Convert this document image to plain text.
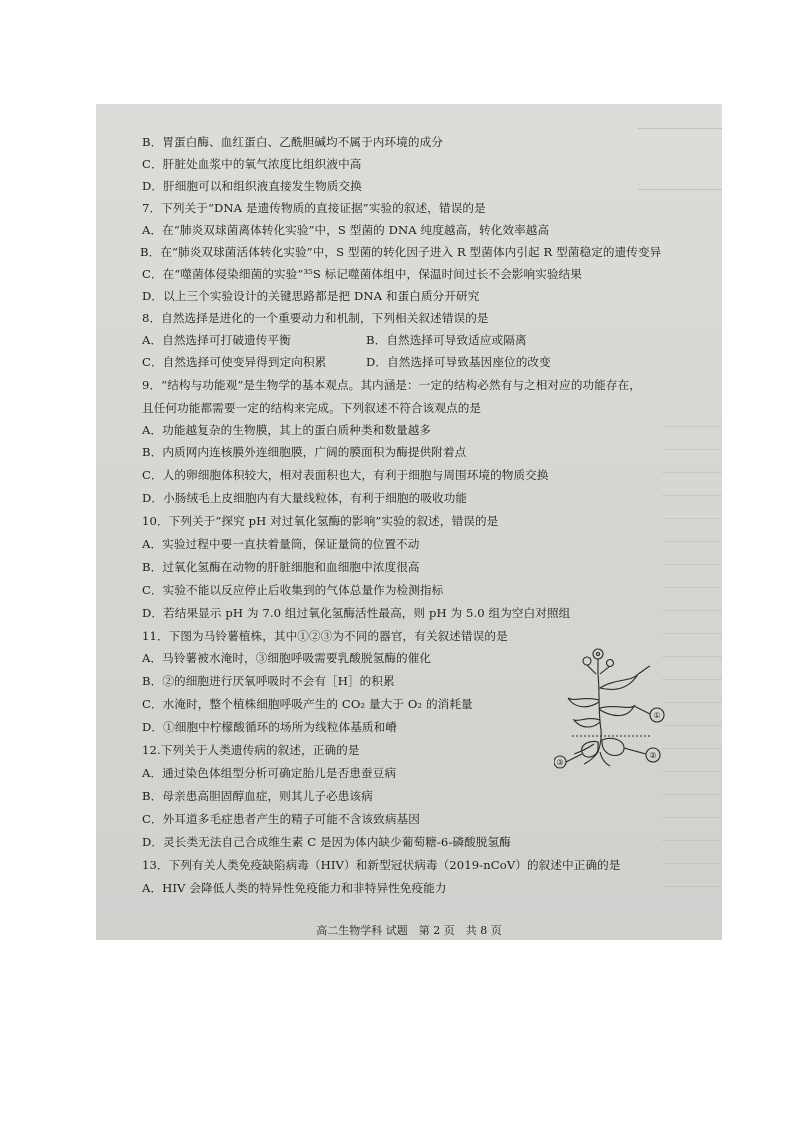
B．胃蛋白酶、血红蛋白、乙酰胆碱均不属于内环境的成分
C．肝脏处血浆中的氧气浓度比组织液中高
D．肝细胞可以和组织液直接发生物质交换
7．下列关于“DNA 是遗传物质的直接证据”实验的叙述，错误的是
A．在“肺炎双球菌离体转化实验”中，S 型菌的 DNA 纯度越高，转化效率越高
B．在“肺炎双球菌活体转化实验”中，S 型菌的转化因子进入 R 型菌体内引起 R 型菌稳定的遗传变异
C．在“噬菌体侵染细菌的实验”³⁵S 标记噬菌体组中，保温时间过长不会影响实验结果
D．以上三个实验设计的关键思路都是把 DNA 和蛋白质分开研究
8．自然选择是进化的一个重要动力和机制，下列相关叙述错误的是
A．自然选择可打破遗传平衡	B．自然选择可导致适应或隔离
C．自然选择可使变异得到定向积累	D．自然选择可导致基因座位的改变
9．“结构与功能观”是生物学的基本观点。其内涵是：一定的结构必然有与之相对应的功能存在，
且任何功能都需要一定的结构来完成。下列叙述不符合该观点的是
A．功能越复杂的生物膜，其上的蛋白质种类和数量越多
B．内质网内连核膜外连细胞膜，广阔的膜面积为酶提供附着点
C．人的卵细胞体积较大，相对表面积也大，有利于细胞与周围环境的物质交换
D．小肠绒毛上皮细胞内有大量线粒体，有利于细胞的吸收功能
10．下列关于“探究 pH 对过氧化氢酶的影响”实验的叙述，错误的是
A．实验过程中要一直扶着量筒，保证量筒的位置不动
B．过氧化氢酶在动物的肝脏细胞和血细胞中浓度很高
C．实验不能以反应停止后收集到的气体总量作为检测指标
D．若结果显示 pH 为 7.0 组过氧化氢酶活性最高，则 pH 为 5.0 组为空白对照组
11．下图为马铃薯植株，其中①②③为不同的器官，有关叙述错误的是
A．马铃薯被水淹时，③细胞呼吸需要乳酸脱氢酶的催化
B．②的细胞进行厌氧呼吸时不会有［H］的积累
C．水淹时，整个植株细胞呼吸产生的 CO₂ 量大于 O₂ 的消耗量
D．①细胞中柠檬酸循环的场所为线粒体基质和嵴
12.下列关于人类遗传病的叙述，正确的是
A．通过染色体组型分析可确定胎儿是否患蚕豆病
B．母亲患高胆固醇血症，则其儿子必患该病
C．外耳道多毛症患者产生的精子可能不含该致病基因
D．灵长类无法自己合成维生素 C 是因为体内缺少葡萄糖-6-磷酸脱氢酶
13．下列有关人类免疫缺陷病毒（HIV）和新型冠状病毒（2019-nCoV）的叙述中正确的是
A．HIV 会降低人类的特异性免疫能力和非特异性免疫能力
①
②
③
高二生物学科 试题　第 2 页　共 8 页
